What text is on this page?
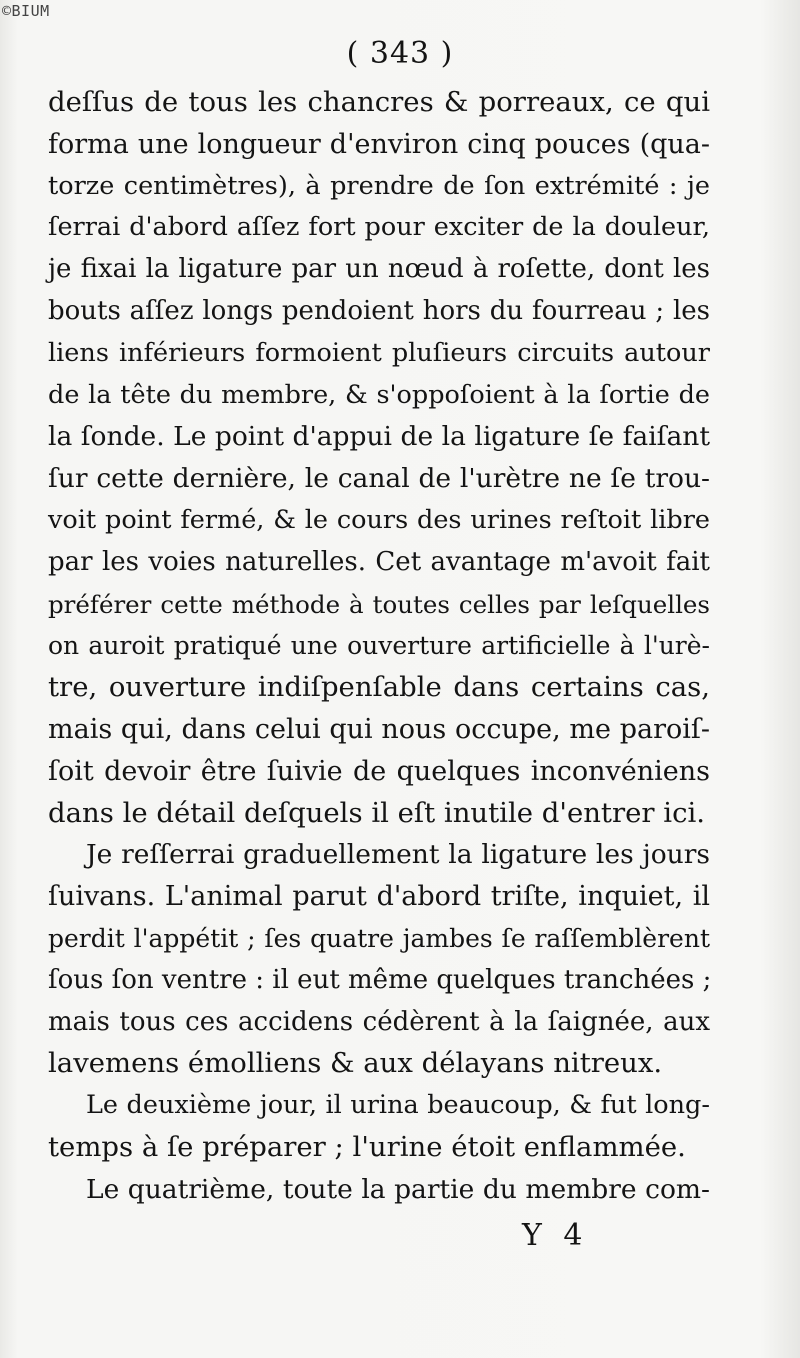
©BIUM
( 343 )
deſſus de tous les chancres & porreaux, ce qui
forma une longueur d'environ cinq pouces (qua-
torze centimètres), à prendre de ſon extrémité : je
ſerrai d'abord aſſez fort pour exciter de la douleur,
je fixai la ligature par un nœud à roſette, dont les
bouts aſſez longs pendoient hors du fourreau ; les
liens inférieurs formoient pluſieurs circuits autour
de la tête du membre, & s'oppoſoient à la ſortie de
la ſonde. Le point d'appui de la ligature ſe faiſant
ſur cette dernière, le canal de l'urètre ne ſe trou-
voit point fermé, & le cours des urines reſtoit libre
par les voies naturelles. Cet avantage m'avoit fait
préférer cette méthode à toutes celles par leſquelles
on auroit pratiqué une ouverture artificielle à l'urè-
tre, ouverture indiſpenſable dans certains cas,
mais qui, dans celui qui nous occupe, me paroiſ-
ſoit devoir être ſuivie de quelques inconvéniens
dans le détail deſquels il eſt inutile d'entrer ici.
Je reſſerrai graduellement la ligature les jours
ſuivans. L'animal parut d'abord triſte, inquiet, il
perdit l'appétit ; ſes quatre jambes ſe raſſemblèrent
ſous ſon ventre : il eut même quelques tranchées ;
mais tous ces accidens cédèrent à la ſaignée, aux
lavemens émolliens & aux délayans nitreux.
Le deuxième jour, il urina beaucoup, & fut long-
temps à ſe préparer ; l'urine étoit enflammée.
Le quatrième, toute la partie du membre com-
Y 4
